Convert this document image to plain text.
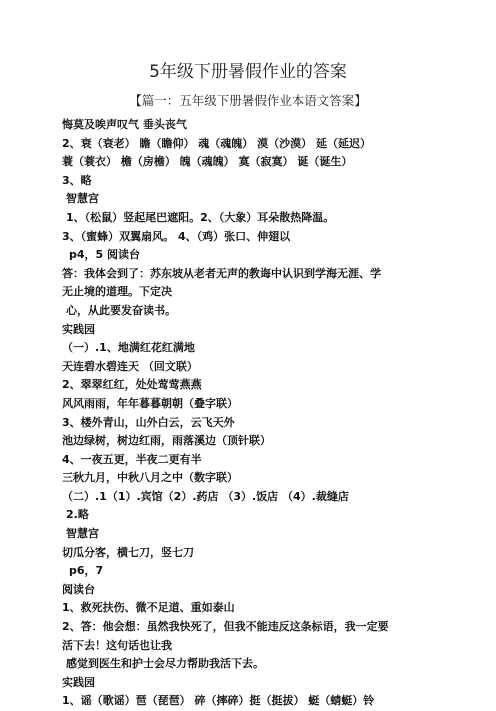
5年级下册暑假作业的答案
【篇一：五年级下册暑假作业本语文答案】
悔莫及唉声叹气 垂头丧气
2、衰（衰老） 瞻（瞻仰） 魂（魂魄） 漠（沙漠） 延（延迟）
蓑（蓑衣） 檐（房檐） 魄（魂魄） 寞（寂寞） 诞（诞生）
3、略
智慧宫
1、（松鼠）竖起尾巴遮阳。2、（大象）耳朵散热降温。
3、（蜜蜂）双翼扇风。 4、（鸡）张口、伸翅以
p4，5 阅读台
答：我体会到了：苏东坡从老者无声的教诲中认识到学海无涯、学
无止境的道理。下定决
心，从此要发奋读书。
实践园
（一）.1、地满红花红满地
天连碧水碧连天 （回文联）
2、翠翠红红，处处莺莺燕燕
风风雨雨，年年暮暮朝朝（叠字联）
3、楼外青山，山外白云，云飞天外
池边绿树，树边红雨，雨落溪边（顶针联）
4、一夜五更，半夜二更有半
三秋九月，中秋八月之中（数字联）
（二）.1（1）.宾馆（2）.药店 （3）.饭店 （4）.裁缝店
2.略
智慧宫
切瓜分客，横七刀，竖七刀
p6，7
阅读台
1、救死扶伤、微不足道、重如泰山
2、答：他会想：虽然我快死了，但我不能违反这条标语，我一定要
活下去！这句话也让我
感觉到医生和护士会尽力帮助我活下去。
实践园
1、谣（歌谣）琶（琵琶） 碎（摔碎）挺（挺拔） 蜓（蜻蜓）铃
